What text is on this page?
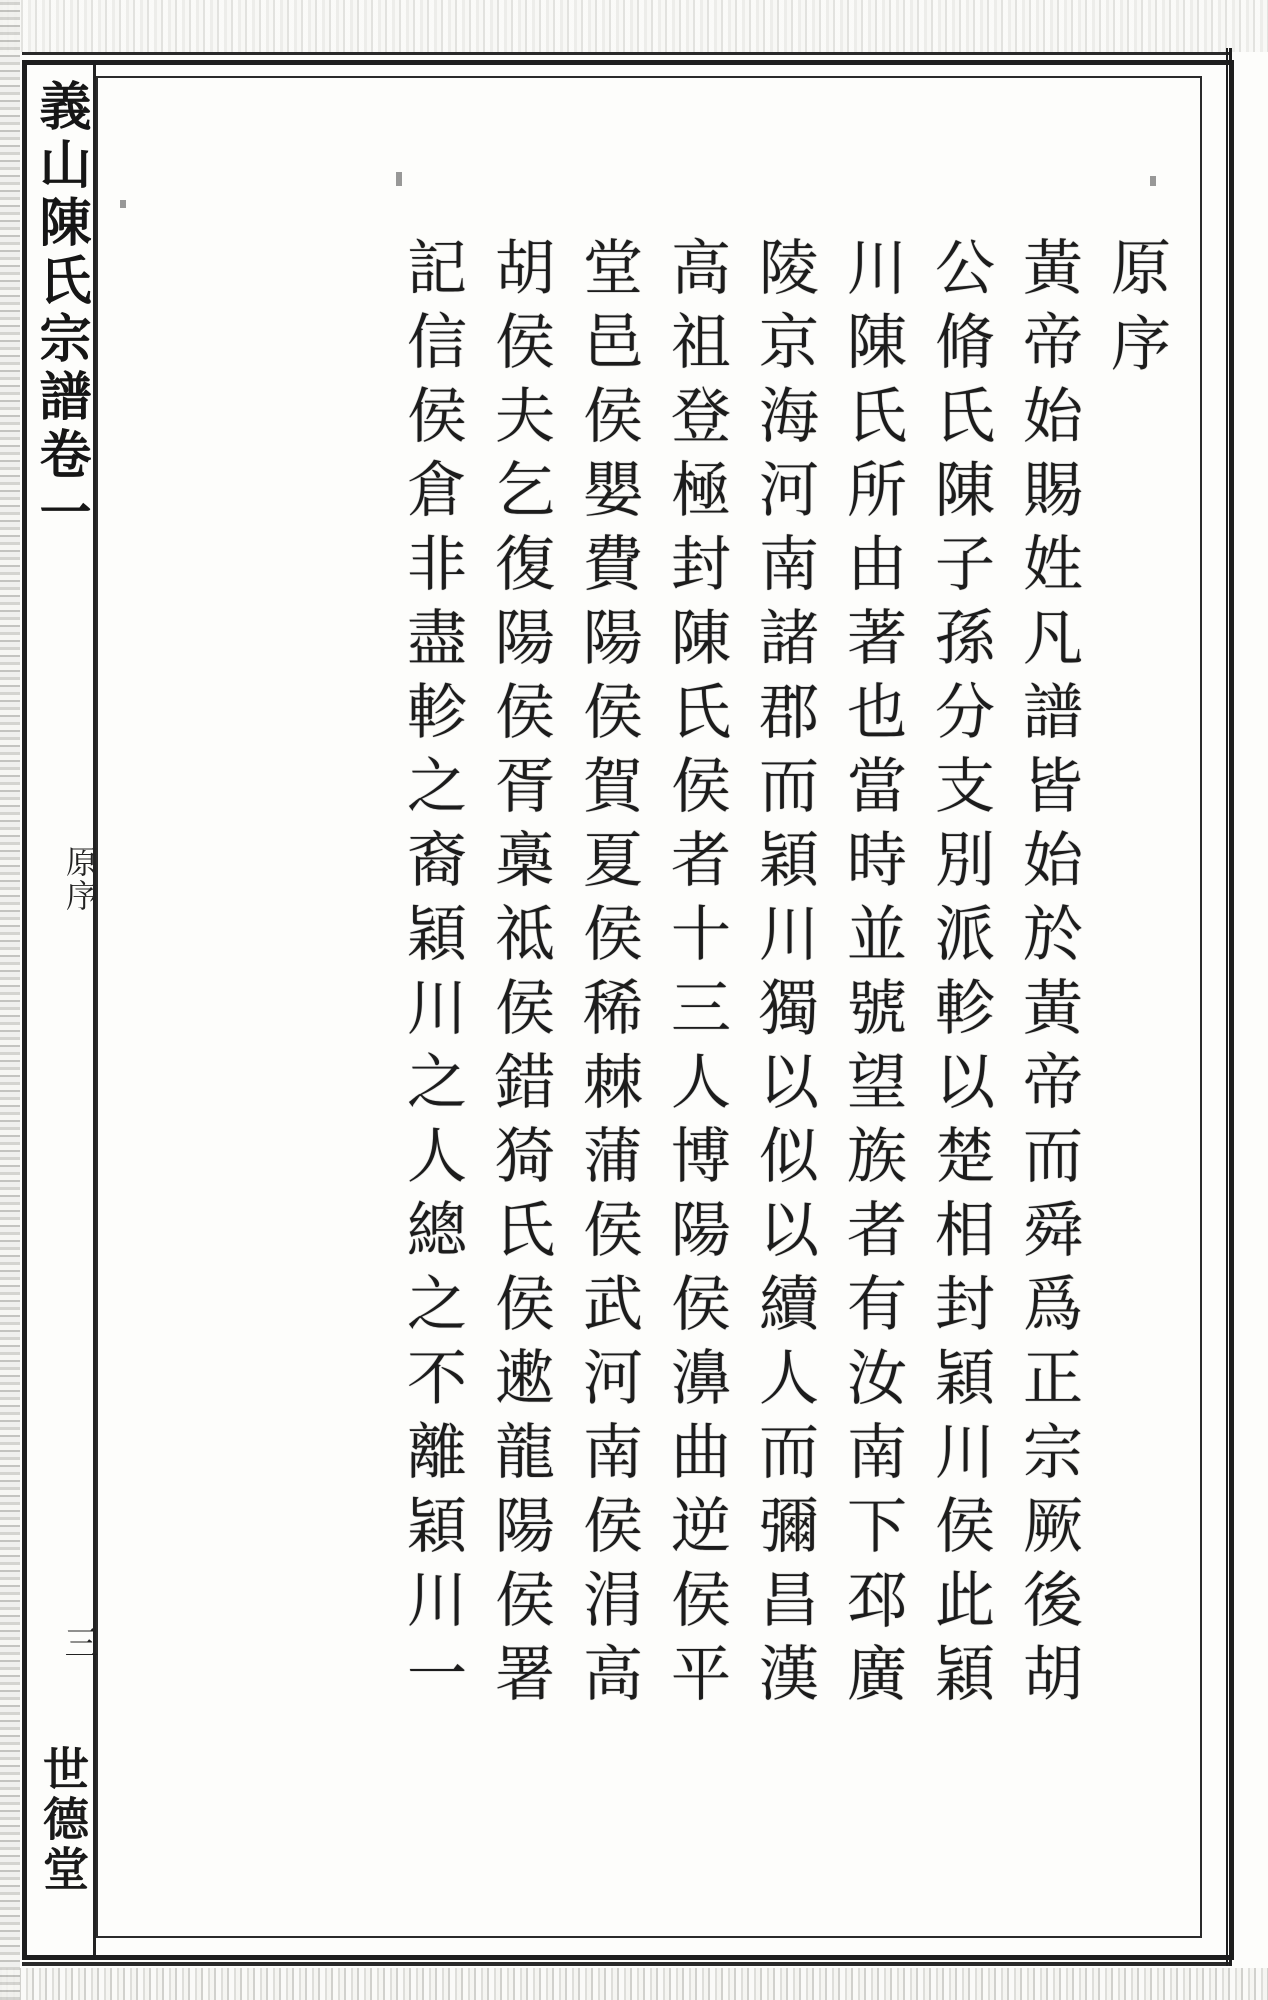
義山陳氏宗譜卷一
原序
三
世德堂
原序
黃帝始賜姓凡譜皆始於黃帝而舜爲正宗厥後胡
公脩氏陳子孫分支別派軫以楚相封穎川侯此穎
川陳氏所由著也當時並號望族者有汝南下邳廣
陵京海河南諸郡而穎川獨以似以續人而彌昌漢
高祖登極封陳氏侯者十三人博陽侯濞曲逆侯平
堂邑侯嬰費陽侯賀夏侯稀棘蒲侯武河南侯涓高
胡侯夫乞復陽侯胥槀祗侯錯猗氏侯遬龍陽侯署
記信侯倉非盡軫之裔穎川之人總之不離穎川一
